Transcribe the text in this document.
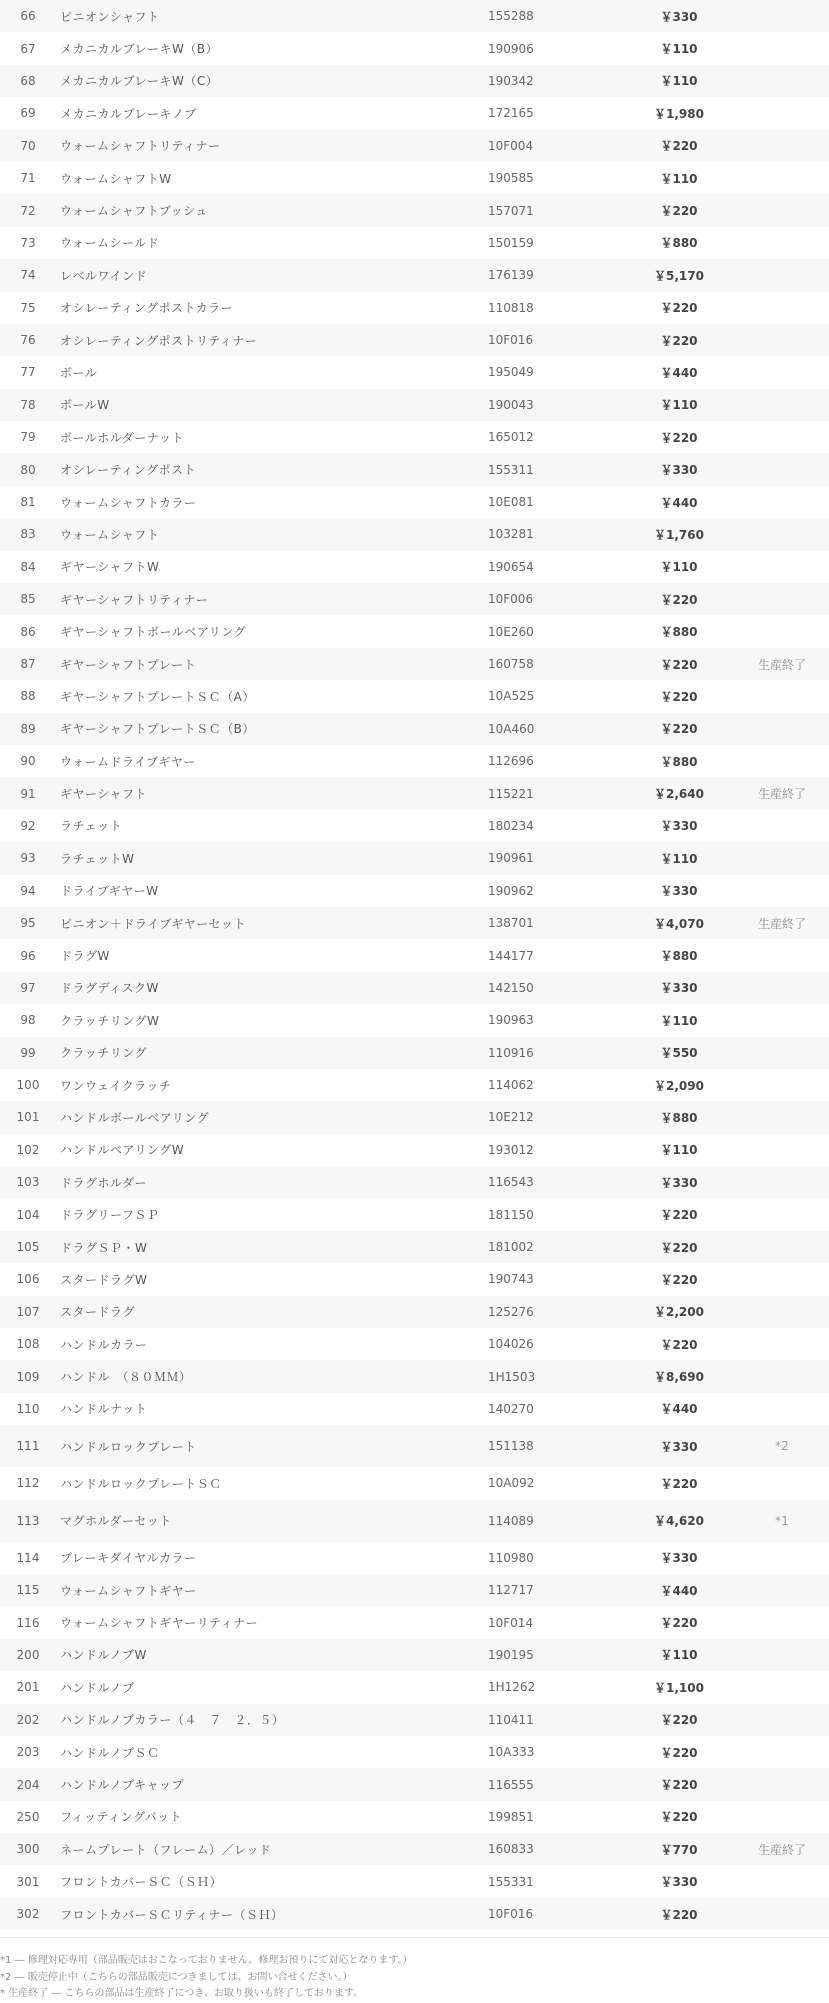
66	ピニオンシャフト	155288	￥330	
67	メカニカルブレーキW（B）	190906	￥110	
68	メカニカルブレーキW（C）	190342	￥110	
69	メカニカルブレーキノブ	172165	￥1,980	
70	ウォームシャフトリティナー	10F004	￥220	
71	ウォームシャフトW	190585	￥110	
72	ウォームシャフトブッシュ	157071	￥220	
73	ウォームシールド	150159	￥880	
74	レベルワインド	176139	￥5,170	
75	オシレーティングポストカラー	110818	￥220	
76	オシレーティングポストリティナー	10F016	￥220	
77	ボール	195049	￥440	
78	ボールW	190043	￥110	
79	ボールホルダーナット	165012	￥220	
80	オシレーティングポスト	155311	￥330	
81	ウォームシャフトカラー	10E081	￥440	
83	ウォームシャフト	103281	￥1,760	
84	ギヤーシャフトW	190654	￥110	
85	ギヤーシャフトリティナー	10F006	￥220	
86	ギヤーシャフトボールベアリング	10E260	￥880	
87	ギヤーシャフトプレート	160758	￥220	生産終了
88	ギヤーシャフトプレートＳＣ（A）	10A525	￥220	
89	ギヤーシャフトプレートＳＣ（B）	10A460	￥220	
90	ウォームドライブギヤー	112696	￥880	
91	ギヤーシャフト	115221	￥2,640	生産終了
92	ラチェット	180234	￥330	
93	ラチェットW	190961	￥110	
94	ドライブギヤーW	190962	￥330	
95	ピニオン＋ドライブギヤーセット	138701	￥4,070	生産終了
96	ドラグW	144177	￥880	
97	ドラグディスクW	142150	￥330	
98	クラッチリングW	190963	￥110	
99	クラッチリング	110916	￥550	
100	ワンウェイクラッチ	114062	￥2,090	
101	ハンドルボールベアリング	10E212	￥880	
102	ハンドルベアリングW	193012	￥110	
103	ドラグホルダー	116543	￥330	
104	ドラグリーフＳＰ	181150	￥220	
105	ドラグＳＰ・W	181002	￥220	
106	スタードラグW	190743	￥220	
107	スタードラグ	125276	￥2,200	
108	ハンドルカラー	104026	￥220	
109	ハンドル　（８０ＭＭ）	1H1503	￥8,690	
110	ハンドルナット	140270	￥440	
111	ハンドルロックプレート	151138	￥330	*2
112	ハンドルロックプレートＳＣ	10A092	￥220	
113	マグホルダーセット	114089	￥4,620	*1
114	ブレーキダイヤルカラー	110980	￥330	
115	ウォームシャフトギヤー	112717	￥440	
116	ウォームシャフトギヤーリティナー	10F014	￥220	
200	ハンドルノブW	190195	￥110	
201	ハンドルノブ	1H1262	￥1,100	
202	ハンドルノブカラー（４　７　２．５）	110411	￥220	
203	ハンドルノブＳＣ	10A333	￥220	
204	ハンドルノブキャップ	116555	￥220	
250	フィッティングパット	199851	￥220	
300	ネームプレート（フレーム）／レッド	160833	￥770	生産終了
301	フロントカバーＳＣ（ＳＨ）	155331	￥330	
302	フロントカバーＳＣリティナー（ＳＨ）	10F016	￥220	
*1 ― 修理対応専用（部品販売はおこなっておりません。修理お預りにて対応となります。）
*2 ― 販売停止中（こちらの部品販売につきましては、お問い合せください。）
* 生産終了 ― こちらの部品は生産終了につき、お取り扱いも終了しております。
